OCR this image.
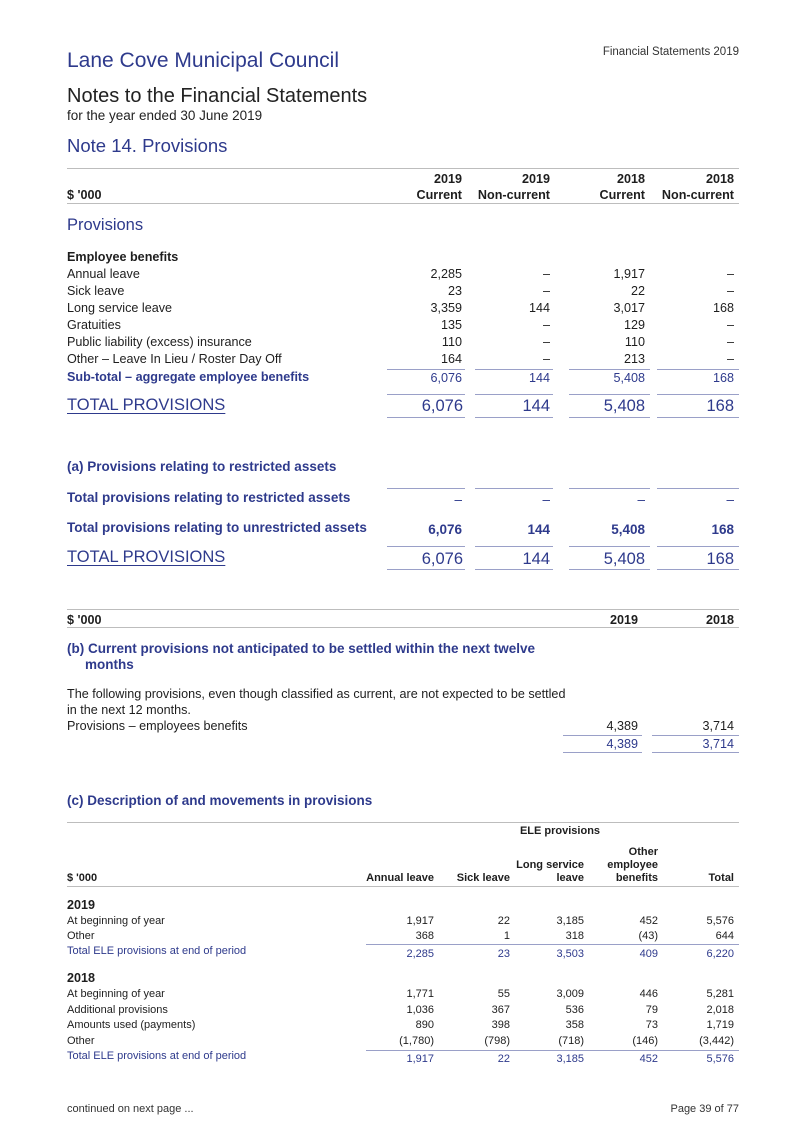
Lane Cove Municipal Council	Financial Statements 2019
Notes to the Financial Statements
for the year ended 30 June 2019
Note 14. Provisions
2019	2019	2018	2018
$ '000	Current	Non-current	Current	Non-current
Provisions
Employee benefits
Annual leave	2,285	–	1,917	–
Sick leave	23	–	22	–
Long service leave	3,359	144	3,017	168
Gratuities	135	–	129	–
Public liability (excess) insurance	110	–	110	–
Other – Leave In Lieu / Roster Day Off	164	–	213	–
Sub-total – aggregate employee benefits	6,076	144	5,408	168
TOTAL PROVISIONS	6,076	144	5,408	168
(a) Provisions relating to restricted assets
Total provisions relating to restricted assets	–	–	–	–
Total provisions relating to unrestricted assets	6,076	144	5,408	168
TOTAL PROVISIONS	6,076	144	5,408	168
$ '000	2019	2018
(b) Current provisions not anticipated to be settled within the next twelve
months
The following provisions, even though classified as current, are not expected to be settled
in the next 12 months.
Provisions – employees benefits	4,389	3,714
4,389	3,714
(c) Description of and movements in provisions
ELE provisions
Other
Long service	employee
$ '000	Annual leave	Sick leave	leave	benefits	Total
2019
At beginning of year	1,917	22	3,185	452	5,576
Other	368	1	318	(43)	644
Total ELE provisions at end of period	2,285	23	3,503	409	6,220
2018
At beginning of year	1,771	55	3,009	446	5,281
Additional provisions	1,036	367	536	79	2,018
Amounts used (payments)	890	398	358	73	1,719
Other	(1,780)	(798)	(718)	(146)	(3,442)
Total ELE provisions at end of period	1,917	22	3,185	452	5,576
continued on next page ...	Page 39 of 77
